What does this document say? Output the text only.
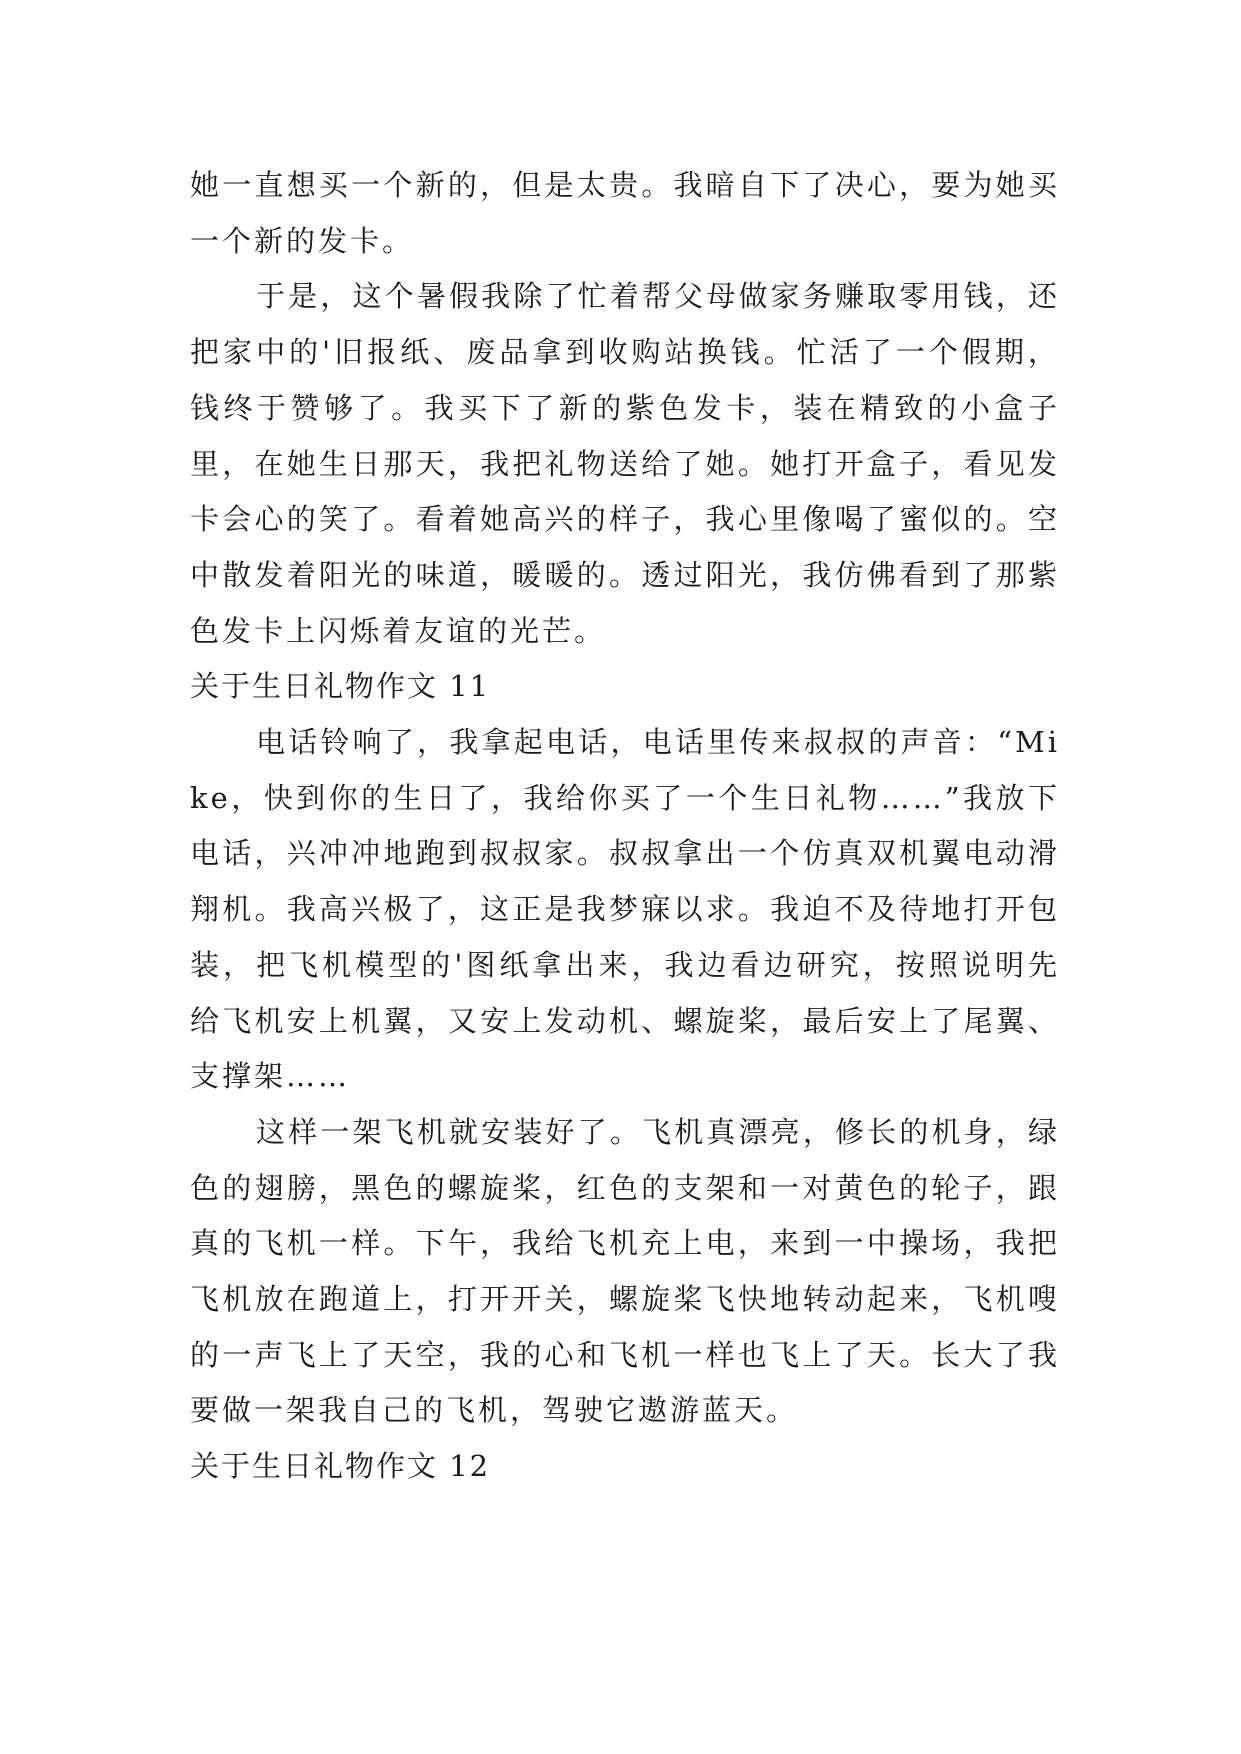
她一直想买一个新的，但是太贵。我暗自下了决心，要为她买一个新的发卡。

于是，这个暑假我除了忙着帮父母做家务赚取零用钱，还把家中的'旧报纸、废品拿到收购站换钱。忙活了一个假期，钱终于赞够了。我买下了新的紫色发卡，装在精致的小盒子里，在她生日那天，我把礼物送给了她。她打开盒子，看见发卡会心的笑了。看着她高兴的样子，我心里像喝了蜜似的。空中散发着阳光的味道，暖暖的。透过阳光，我仿佛看到了那紫色发卡上闪烁着友谊的光芒。

关于生日礼物作文 11

电话铃响了，我拿起电话，电话里传来叔叔的声音：“Mike，快到你的生日了，我给你买了一个生日礼物……”我放下电话，兴冲冲地跑到叔叔家。叔叔拿出一个仿真双机翼电动滑翔机。我高兴极了，这正是我梦寐以求。我迫不及待地打开包装，把飞机模型的'图纸拿出来，我边看边研究，按照说明先给飞机安上机翼，又安上发动机、螺旋桨，最后安上了尾翼、支撑架……

这样一架飞机就安装好了。飞机真漂亮，修长的机身，绿色的翅膀，黑色的螺旋桨，红色的支架和一对黄色的轮子，跟真的飞机一样。下午，我给飞机充上电，来到一中操场，我把飞机放在跑道上，打开开关，螺旋桨飞快地转动起来，飞机嗖的一声飞上了天空，我的心和飞机一样也飞上了天。长大了我要做一架我自己的飞机，驾驶它遨游蓝天。

关于生日礼物作文 12
